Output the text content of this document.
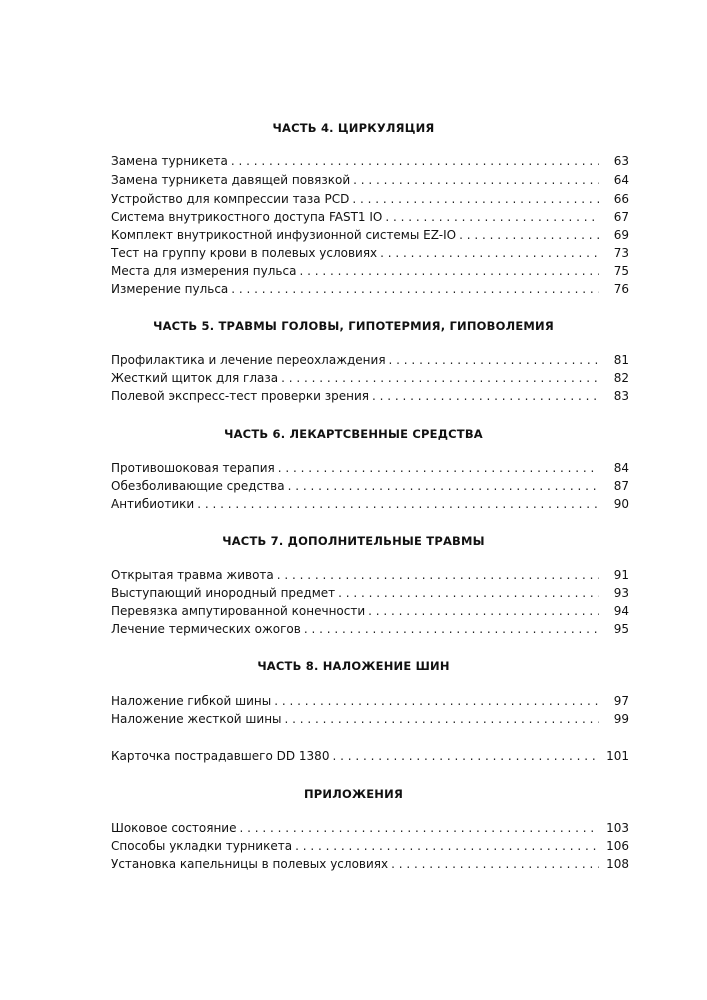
ЧАСТЬ 4. ЦИРКУЛЯЦИЯ
Замена турникета . . .	63
Замена турникета давящей повязкой . . .	64
Устройство для компрессии таза PCD . . .	66
Система внутрикостного доступа FAST1 IO . . .	67
Комплект внутрикостной инфузионной системы EZ-IO . . .	69
Тест на группу крови в полевых условиях . . .	73
Места для измерения пульса . . .	75
Измерение пульса . . .	76
ЧАСТЬ 5. ТРАВМЫ ГОЛОВЫ, ГИПОТЕРМИЯ, ГИПОВОЛЕМИЯ
Профилактика и лечение переохлаждения . . .	81
Жесткий щиток для глаза . . .	82
Полевой экспресс-тест проверки зрения . . .	83
ЧАСТЬ 6. ЛЕКАРТСВЕННЫЕ СРЕДСТВА
Противошоковая терапия . . .	84
Обезболивающие средства . . .	87
Антибиотики . . .	90
ЧАСТЬ 7. ДОПОЛНИТЕЛЬНЫЕ ТРАВМЫ
Открытая травма живота . . .	91
Выступающий инородный предмет . . .	93
Перевязка ампутированной конечности . . .	94
Лечение термических ожогов . . .	95
ЧАСТЬ 8. НАЛОЖЕНИЕ ШИН
Наложение гибкой шины . . .	97
Наложение жесткой шины . . .	99
Карточка пострадавшего DD 1380 . . .	101
ПРИЛОЖЕНИЯ
Шоковое состояние . . .	103
Способы укладки турникета . . .	106
Установка капельницы в полевых условиях . . .	108
